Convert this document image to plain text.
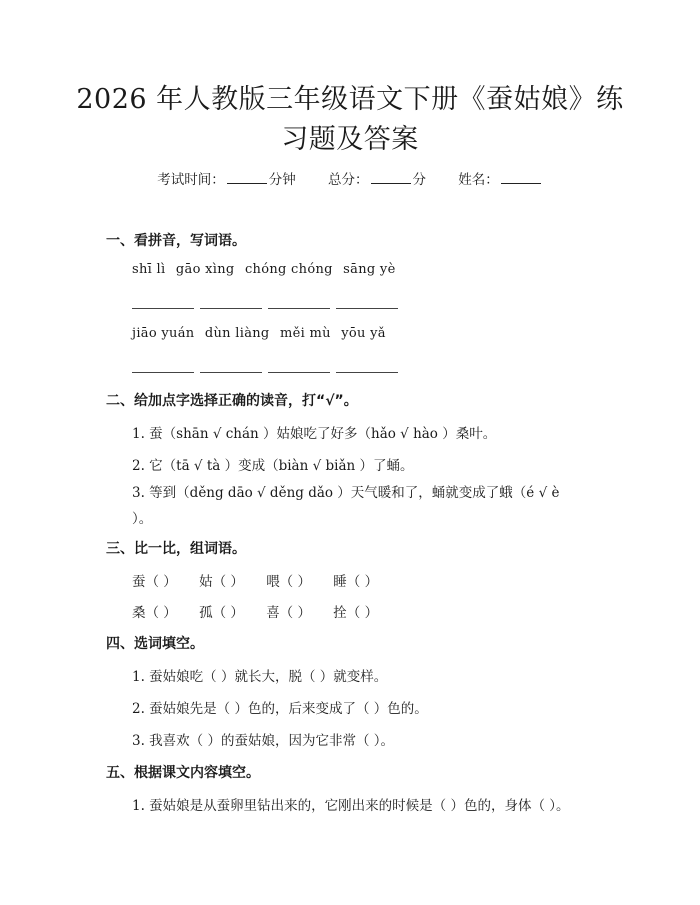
2026 年人教版三年级语文下册《蚕姑娘》练
习题及答案
考试时间：	分钟 总分：	分 姓名：
一、看拼音，写词语。
shī lì gāo xìng chóng chóng sāng yè
jiāo yuán dùn liàng měi mù yōu yǎ
二、给加点字选择正确的读音，打“√”。
1. 蚕（shān √ chán ）姑娘吃了好多（hǎo √ hào ）桑叶。
2. 它（tā √ tà ）变成（biàn √ biǎn ）了蛹。
3. 等到（děng dāo √ děng dǎo ）天气暖和了，蛹就变成了蛾（é √ è ）。
三、比一比，组词语。
蚕（ ） 姑（ ） 喂（ ） 睡（ ）
桑（ ） 孤（ ） 喜（ ） 拴（ ）
四、选词填空。
1. 蚕姑娘吃（ ）就长大，脱（ ）就变样。
2. 蚕姑娘先是（ ）色的，后来变成了（ ）色的。
3. 我喜欢（ ）的蚕姑娘，因为它非常（ ）。
五、根据课文内容填空。
1. 蚕姑娘是从蚕卵里钻出来的，它刚出来的时候是（ ）色的，身体（ ）。
